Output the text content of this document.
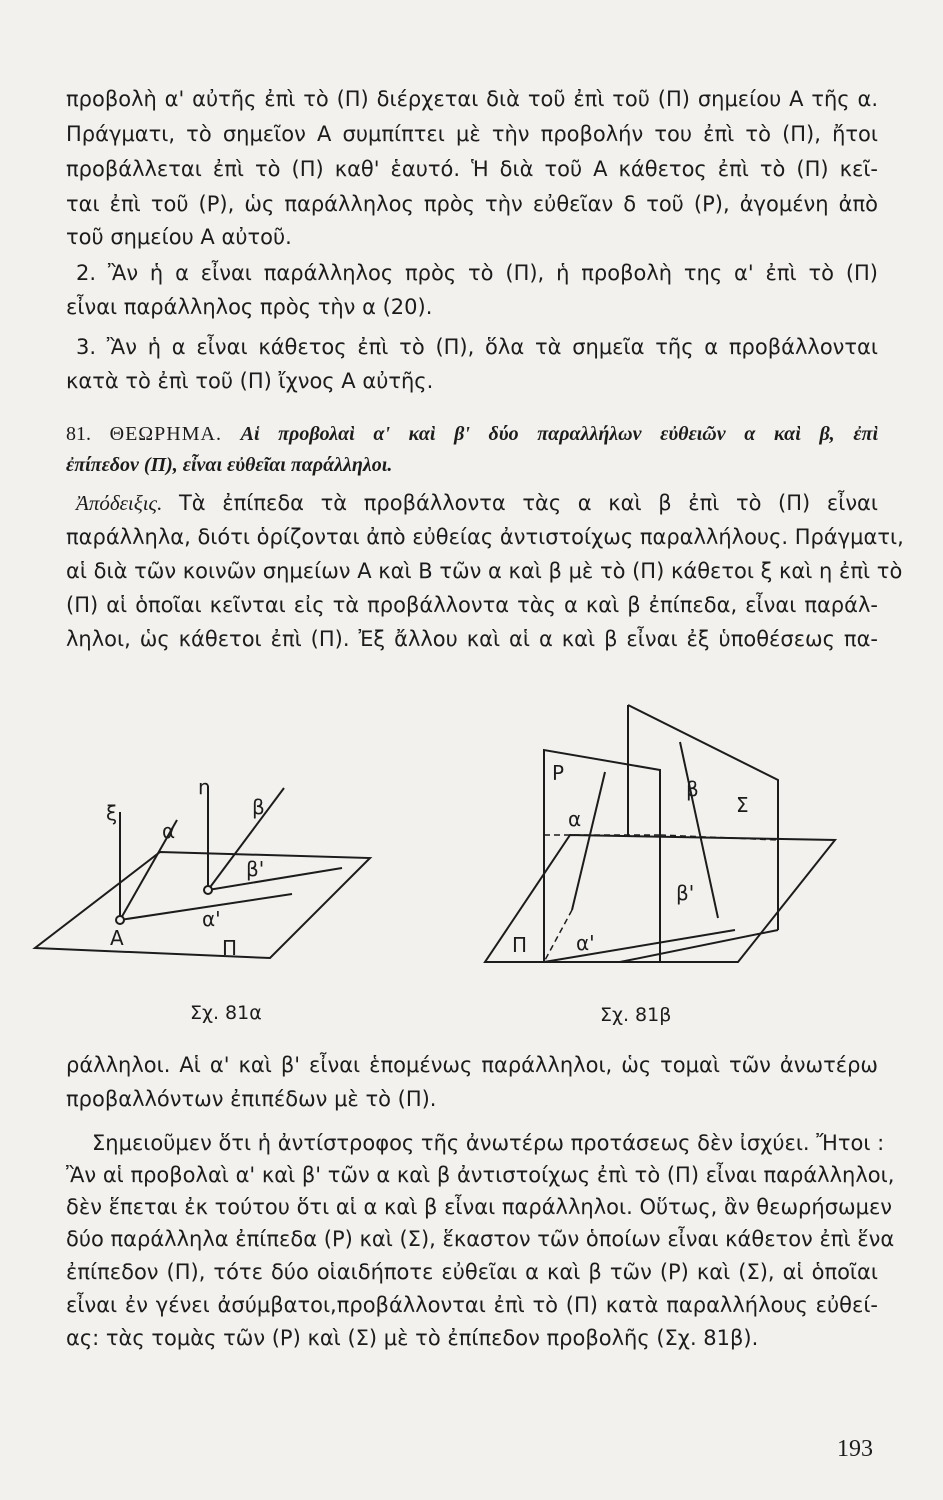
προβολὴ α' αὐτῆς ἐπὶ τὸ (Π) διέρχεται διὰ τοῦ ἐπὶ τοῦ (Π) σημείου Α τῆς α.
Πράγματι, τὸ σημεῖον Α συμπίπτει μὲ τὴν προβολήν του ἐπὶ τὸ (Π), ἤτοι
προβάλλεται ἐπὶ τὸ (Π) καθ' ἑαυτό. Ἡ διὰ τοῦ Α κάθετος ἐπὶ τὸ (Π) κεῖ-
ται ἐπὶ τοῦ (Ρ), ὡς παράλληλος πρὸς τὴν εὐθεῖαν δ τοῦ (Ρ), ἀγομένη ἀπὸ
τοῦ σημείου Α αὐτοῦ.
2. Ἂν ἡ α εἶναι παράλληλος πρὸς τὸ (Π), ἡ προβολὴ της α' ἐπὶ τὸ (Π)
εἶναι παράλληλος πρὸς τὴν α (20).
3. Ἂν ἡ α εἶναι κάθετος ἐπὶ τὸ (Π), ὅλα τὰ σημεῖα τῆς α προβάλλονται
κατὰ τὸ ἐπὶ τοῦ (Π) ἴχνος Α αὐτῆς.
81. ΘΕΩΡΗΜΑ. Αἱ προβολαὶ α' καὶ β' δύο παραλλήλων εὐθειῶν α καὶ β, ἐπὶ
ἐπίπεδον (Π), εἶναι εὐθεῖαι παράλληλοι.
Ἀπόδειξις. Τὰ ἐπίπεδα τὰ προβάλλοντα τὰς α καὶ β ἐπὶ τὸ (Π) εἶναι
παράλληλα, διότι ὁρίζονται ἀπὸ εὐθείας ἀντιστοίχως παραλλήλους. Πράγματι,
αἱ διὰ τῶν κοινῶν σημείων Α καὶ Β τῶν α καὶ β μὲ τὸ (Π) κάθετοι ξ καὶ η ἐπὶ τὸ
(Π) αἱ ὁποῖαι κεῖνται εἰς τὰ προβάλλοντα τὰς α καὶ β ἐπίπεδα, εἶναι παράλ-
ληλοι, ὡς κάθετοι ἐπὶ (Π). Ἐξ ἄλλου καὶ αἱ α καὶ β εἶναι ἐξ ὑποθέσεως πα-
ξ
η
α
β
β'
α'
Α	Π
Σχ. 81α
Ρ
α
β
Σ
β'
Π α'
Σχ. 81β
ράλληλοι. Αἱ α' καὶ β' εἶναι ἑπομένως παράλληλοι, ὡς τομαὶ τῶν ἀνωτέρω
προβαλλόντων ἐπιπέδων μὲ τὸ (Π).
Σημειοῦμεν ὅτι ἡ ἀντίστροφος τῆς ἀνωτέρω προτάσεως δὲν ἰσχύει. Ἤτοι :
Ἂν αἱ προβολαὶ α' καὶ β' τῶν α καὶ β ἀντιστοίχως ἐπὶ τὸ (Π) εἶναι παράλληλοι,
δὲν ἕπεται ἐκ τούτου ὅτι αἱ α καὶ β εἶναι παράλληλοι. Οὕτως, ἂν θεωρήσωμεν
δύο παράλληλα ἐπίπεδα (Ρ) καὶ (Σ), ἕκαστον τῶν ὁποίων εἶναι κάθετον ἐπὶ ἕνα
ἐπίπεδον (Π), τότε δύο οἱαιδήποτε εὐθεῖαι α καὶ β τῶν (Ρ) καὶ (Σ), αἱ ὁποῖαι
εἶναι ἐν γένει ἀσύμβατοι,προβάλλονται ἐπὶ τὸ (Π) κατὰ παραλλήλους εὐθεί-
ας: τὰς τομὰς τῶν (Ρ) καὶ (Σ) μὲ τὸ ἐπίπεδον προβολῆς (Σχ. 81β).
193
